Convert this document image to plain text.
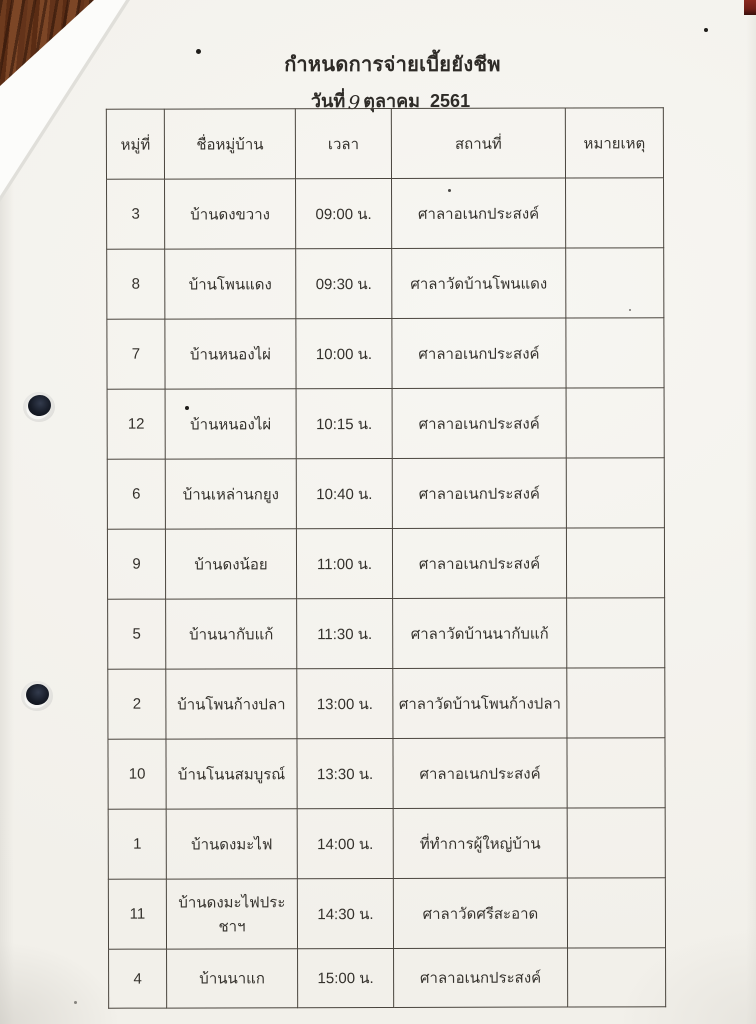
กำหนดการจ่ายเบี้ยยังชีพ
วันที่ 9 ตุลาคม  2561
หมู่ที่	ชื่อหมู่บ้าน	เวลา	สถานที่	หมายเหตุ
3	บ้านดงขวาง	09:00 น.	ศาลาอเนกประสงค์	
8	บ้านโพนแดง	09:30 น.	ศาลาวัดบ้านโพนแดง	
7	บ้านหนองไผ่	10:00 น.	ศาลาอเนกประสงค์	
12	บ้านหนองไผ่	10:15 น.	ศาลาอเนกประสงค์	
6	บ้านเหล่านกยูง	10:40 น.	ศาลาอเนกประสงค์	
9	บ้านดงน้อย	11:00 น.	ศาลาอเนกประสงค์	
5	บ้านนากับแก้	11:30 น.	ศาลาวัดบ้านนากับแก้	
2	บ้านโพนก้างปลา	13:00 น.	ศาลาวัดบ้านโพนก้างปลา	
10	บ้านโนนสมบูรณ์	13:30 น.	ศาลาอเนกประสงค์	
1	บ้านดงมะไฟ	14:00 น.	ที่ทำการผู้ใหญ่บ้าน	
11	บ้านดงมะไฟประชาฯ	14:30 น.	ศาลาวัดศรีสะอาด	
4	บ้านนาแก	15:00 น.	ศาลาอเนกประสงค์	
